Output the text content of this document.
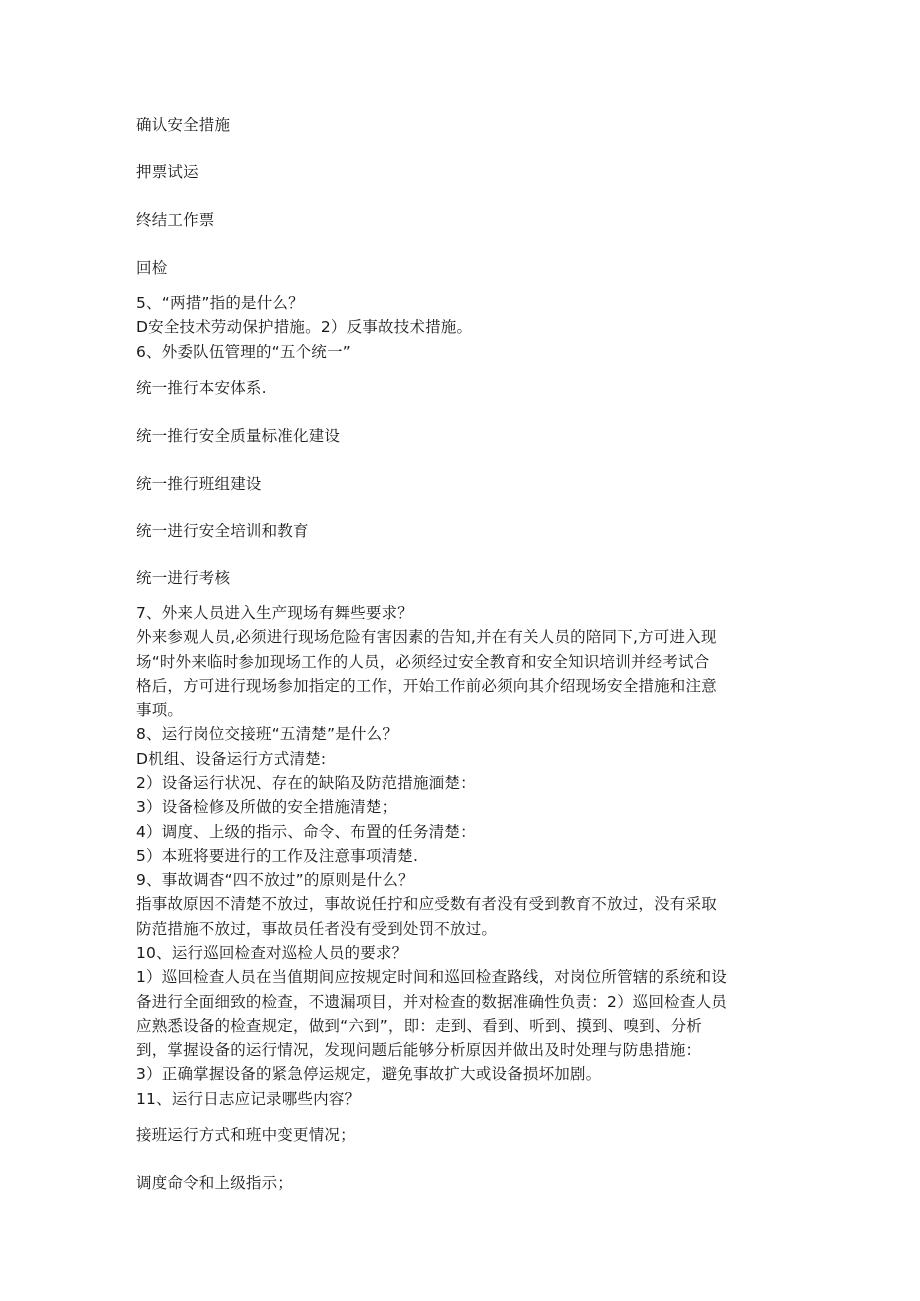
确认安全措施
押票试运
终结工作票
回检
5、“两措”指的是什么？
D安全技术劳动保护措施。2）反事故技术措施。
6、外委队伍管理的“五个统一”
统一推行本安体系.
统一推行安全质量标准化建设
统一推行班组建设
统一进行安全培训和教育
统一进行考核
7、外来人员进入生产现场有舞些要求？
外来参观人员,必须进行现场危险有害因素的告知,并在有关人员的陪同下,方可进入现
场“时外来临时参加现场工作的人员，必须经过安全教育和安全知识培训并经考试合
格后，方可进行现场参加指定的工作，开始工作前必须向其介绍现场安全措施和注意
事项。
8、运行岗位交接班“五清楚”是什么？
D机组、设备运行方式清楚:
2）设备运行状况、存在的缺陷及防范措施湎楚：
3）设备检修及所做的安全措施清楚；
4）调度、上级的指示、命令、布置的任务清楚：
5）本班将要进行的工作及注意事项清楚.
9、事故调杳“四不放过”的原则是什么？
指事故原因不清楚不放过，事故说任拧和应受数有者没有受到教育不放过，没有采取
防范措施不放过，事故员任者没有受到处罚不放过。
10、运行巡回检查对巡检人员的要求？
1）巡回检查人员在当值期间应按规定时间和巡回检查路线，对岗位所管辖的系统和设
备进行全面细致的检查，不遗漏项目，并对检查的数据准确性负责：2）巡回检查人员
应熟悉设备的检查规定，做到“六到”，即：走到、看到、听到、摸到、嗅到、分析
到，掌握设备的运行情况，发现问题后能够分析原因并做出及时处理与防患措施：
3）正确掌握设备的紧急停运规定，避免事故扩大或设备损坏加剧。
11、运行日志应记录哪些内容？
接班运行方式和班中变更情况；
调度命令和上级指示；
